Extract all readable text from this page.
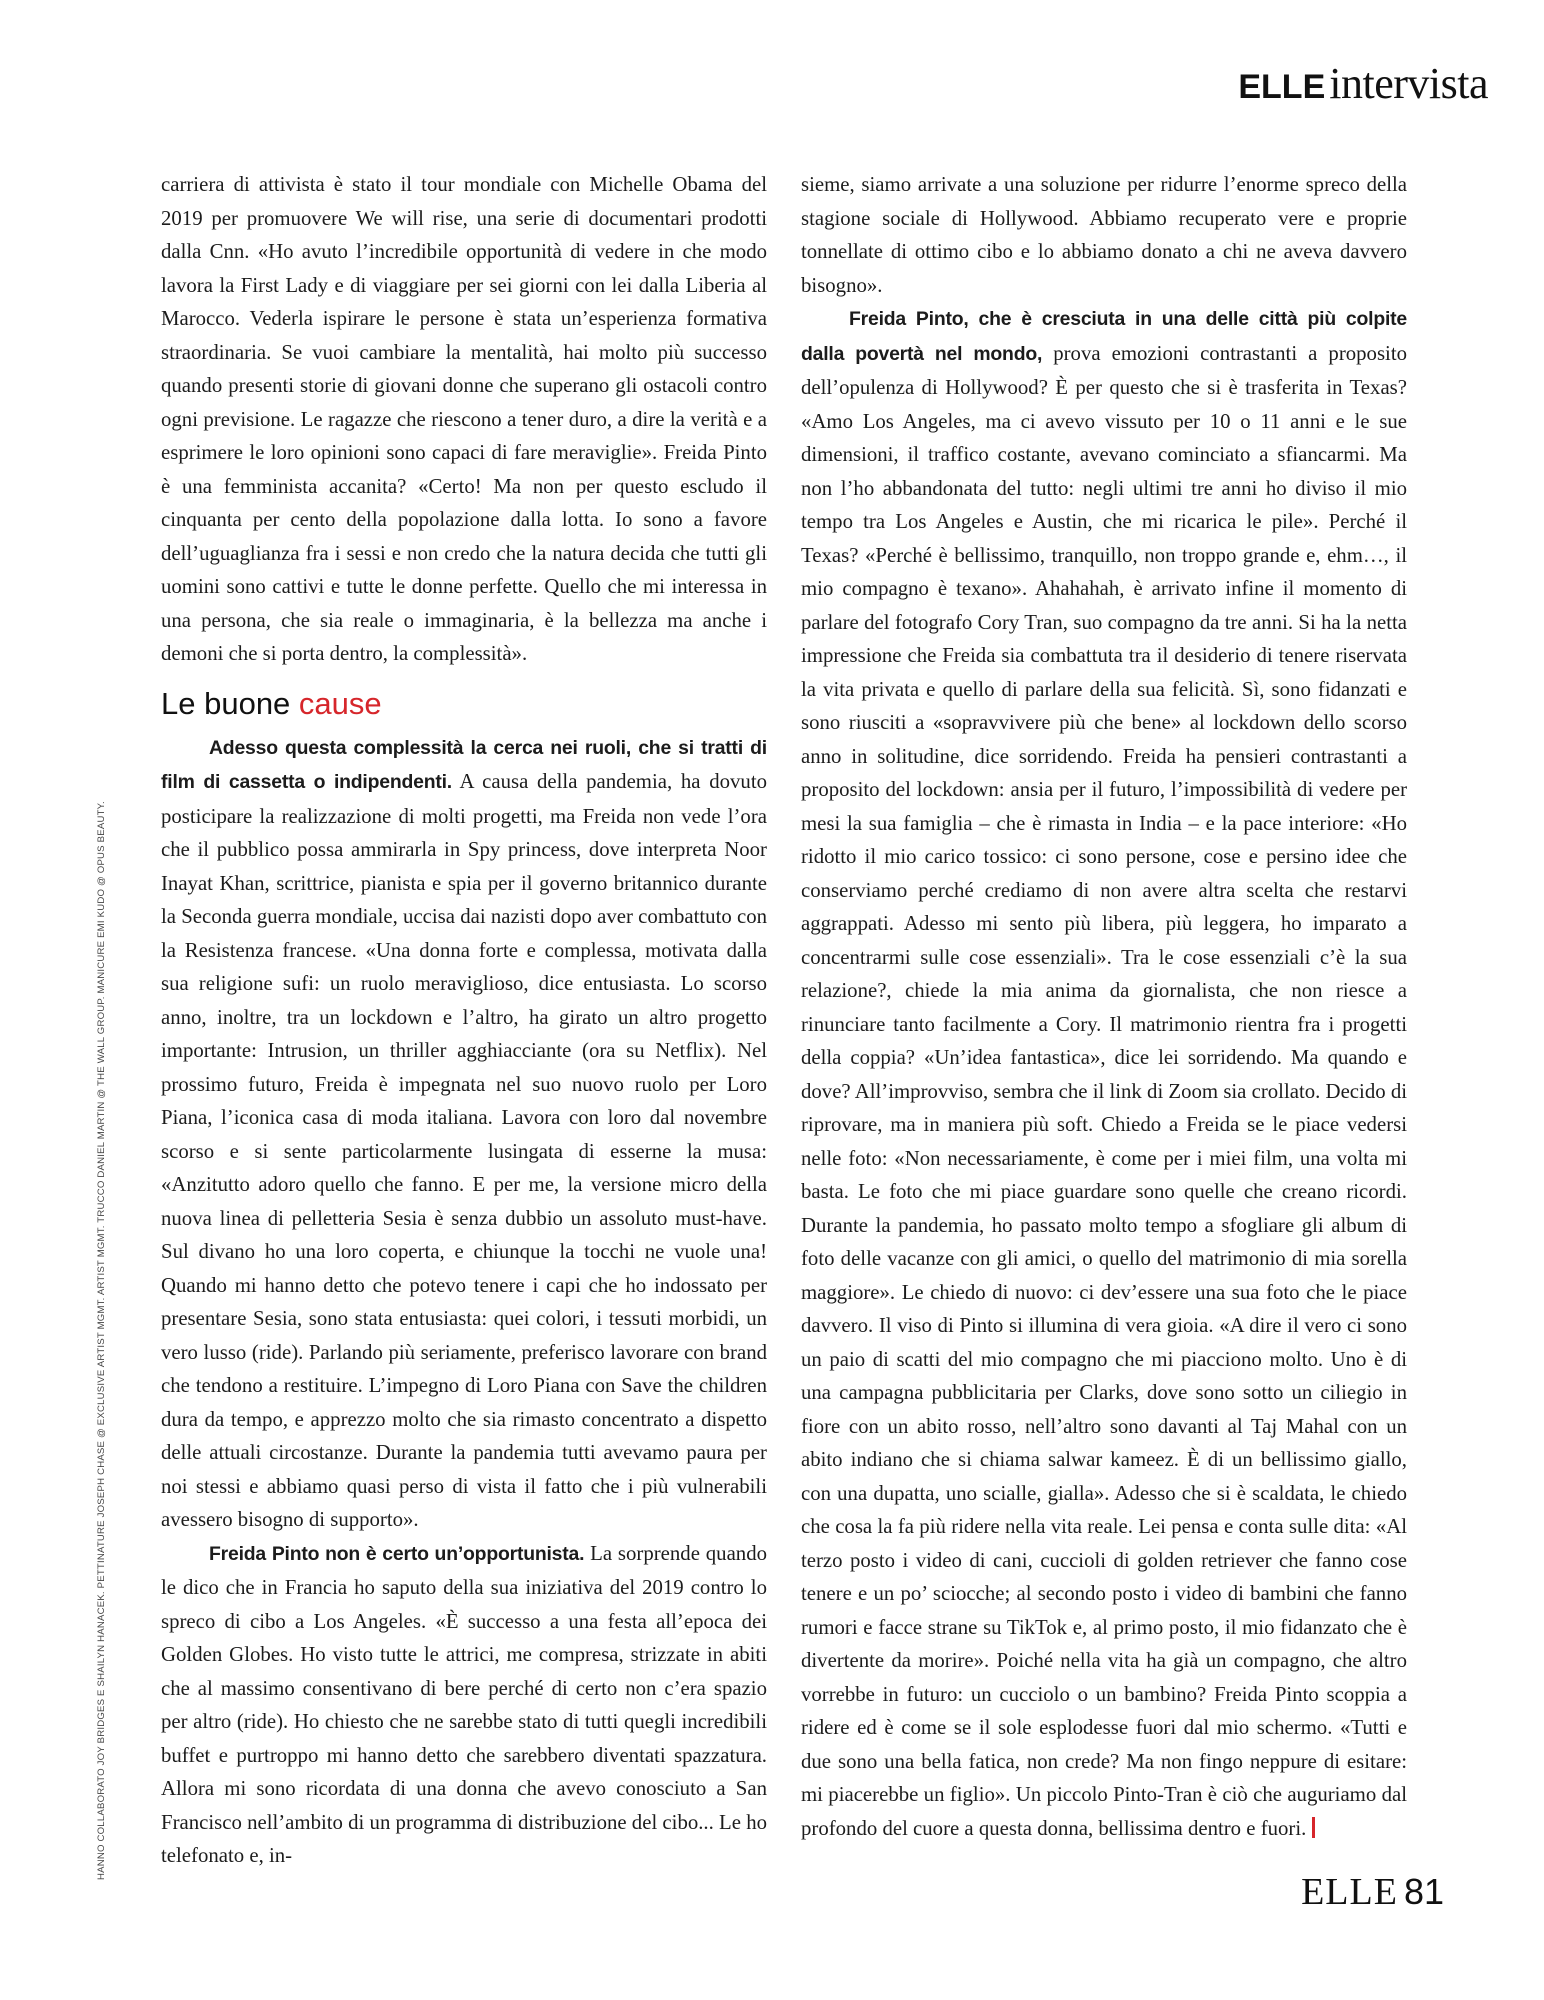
ELLE intervista

carriera di attivista è stato il tour mondiale con Michelle Obama del 2019 per promuovere We will rise, una serie di documentari prodotti dalla Cnn. «Ho avuto l’incredibile opportunità di vedere in che modo lavora la First Lady e di viaggiare per sei giorni con lei dalla Liberia al Marocco. Vederla ispirare le persone è stata un’esperienza formativa straordinaria. Se vuoi cambiare la mentalità, hai molto più successo quando presenti storie di giovani donne che superano gli ostacoli contro ogni previsione. Le ragazze che riescono a tener duro, a dire la verità e a esprimere le loro opinioni sono capaci di fare meraviglie». Freida Pinto è una femminista accanita? «Certo! Ma non per questo escludo il cinquanta per cento della popolazione dalla lotta. Io sono a favore dell’uguaglianza fra i sessi e non credo che la natura decida che tutti gli uomini sono cattivi e tutte le donne perfette. Quello che mi interessa in una persona, che sia reale o immaginaria, è la bellezza ma anche i demoni che si porta dentro, la complessità».

Le buone cause

Adesso questa complessità la cerca nei ruoli, che si tratti di film di cassetta o indipendenti. A causa della pandemia, ha dovuto posticipare la realizzazione di molti progetti, ma Freida non vede l’ora che il pubblico possa ammirarla in Spy princess, dove interpreta Noor Inayat Khan, scrittrice, pianista e spia per il governo britannico durante la Seconda guerra mondiale, uccisa dai nazisti dopo aver combattuto con la Resistenza francese. «Una donna forte e complessa, motivata dalla sua religione sufi: un ruolo meraviglioso, dice entusiasta. Lo scorso anno, inoltre, tra un lockdown e l’altro, ha girato un altro progetto importante: Intrusion, un thriller agghiacciante (ora su Netflix). Nel prossimo futuro, Freida è impegnata nel suo nuovo ruolo per Loro Piana, l’iconica casa di moda italiana. Lavora con loro dal novembre scorso e si sente particolarmente lusingata di esserne la musa: «Anzitutto adoro quello che fanno. E per me, la versione micro della nuova linea di pelletteria Sesia è senza dubbio un assoluto must-have. Sul divano ho una loro coperta, e chiunque la tocchi ne vuole una! Quando mi hanno detto che potevo tenere i capi che ho indossato per presentare Sesia, sono stata entusiasta: quei colori, i tessuti morbidi, un vero lusso (ride). Parlando più seriamente, preferisco lavorare con brand che tendono a restituire. L’impegno di Loro Piana con Save the children dura da tempo, e apprezzo molto che sia rimasto concentrato a dispetto delle attuali circostanze. Durante la pandemia tutti avevamo paura per noi stessi e abbiamo quasi perso di vista il fatto che i più vulnerabili avessero bisogno di supporto».

Freida Pinto non è certo un’opportunista. La sorprende quando le dico che in Francia ho saputo della sua iniziativa del 2019 contro lo spreco di cibo a Los Angeles. «È successo a una festa all’epoca dei Golden Globes. Ho visto tutte le attrici, me compresa, strizzate in abiti che al massimo consentivano di bere perché di certo non c’era spazio per altro (ride). Ho chiesto che ne sarebbe stato di tutti quegli incredibili buffet e purtroppo mi hanno detto che sarebbero diventati spazzatura. Allora mi sono ricordata di una donna che avevo conosciuto a San Francisco nell’ambito di un programma di distribuzione del cibo... Le ho telefonato e, in-

sieme, siamo arrivate a una soluzione per ridurre l’enorme spreco della stagione sociale di Hollywood. Abbiamo recuperato vere e proprie tonnellate di ottimo cibo e lo abbiamo donato a chi ne aveva davvero bisogno».

Freida Pinto, che è cresciuta in una delle città più colpite dalla povertà nel mondo, prova emozioni contrastanti a proposito dell’opulenza di Hollywood? È per questo che si è trasferita in Texas? «Amo Los Angeles, ma ci avevo vissuto per 10 o 11 anni e le sue dimensioni, il traffico costante, avevano cominciato a sfiancarmi. Ma non l’ho abbandonata del tutto: negli ultimi tre anni ho diviso il mio tempo tra Los Angeles e Austin, che mi ricarica le pile». Perché il Texas? «Perché è bellissimo, tranquillo, non troppo grande e, ehm…, il mio compagno è texano». Ahahahah, è arrivato infine il momento di parlare del fotografo Cory Tran, suo compagno da tre anni. Si ha la netta impressione che Freida sia combattuta tra il desiderio di tenere riservata la vita privata e quello di parlare della sua felicità. Sì, sono fidanzati e sono riusciti a «sopravvivere più che bene» al lockdown dello scorso anno in solitudine, dice sorridendo. Freida ha pensieri contrastanti a proposito del lockdown: ansia per il futuro, l’impossibilità di vedere per mesi la sua famiglia – che è rimasta in India – e la pace interiore: «Ho ridotto il mio carico tossico: ci sono persone, cose e persino idee che conserviamo perché crediamo di non avere altra scelta che restarvi aggrappati. Adesso mi sento più libera, più leggera, ho imparato a concentrarmi sulle cose essenziali». Tra le cose essenziali c’è la sua relazione?, chiede la mia anima da giornalista, che non riesce a rinunciare tanto facilmente a Cory. Il matrimonio rientra fra i progetti della coppia? «Un’idea fantastica», dice lei sorridendo. Ma quando e dove? All’improvviso, sembra che il link di Zoom sia crollato. Decido di riprovare, ma in maniera più soft. Chiedo a Freida se le piace vedersi nelle foto: «Non necessariamente, è come per i miei film, una volta mi basta. Le foto che mi piace guardare sono quelle che creano ricordi. Durante la pandemia, ho passato molto tempo a sfogliare gli album di foto delle vacanze con gli amici, o quello del matrimonio di mia sorella maggiore». Le chiedo di nuovo: ci dev’essere una sua foto che le piace davvero. Il viso di Pinto si illumina di vera gioia. «A dire il vero ci sono un paio di scatti del mio compagno che mi piacciono molto. Uno è di una campagna pubblicitaria per Clarks, dove sono sotto un ciliegio in fiore con un abito rosso, nell’altro sono davanti al Taj Mahal con un abito indiano che si chiama salwar kameez. È di un bellissimo giallo, con una dupatta, uno scialle, gialla». Adesso che si è scaldata, le chiedo che cosa la fa più ridere nella vita reale. Lei pensa e conta sulle dita: «Al terzo posto i video di cani, cuccioli di golden retriever che fanno cose tenere e un po’ sciocche; al secondo posto i video di bambini che fanno rumori e facce strane su TikTok e, al primo posto, il mio fidanzato che è divertente da morire». Poiché nella vita ha già un compagno, che altro vorrebbe in futuro: un cucciolo o un bambino? Freida Pinto scoppia a ridere ed è come se il sole esplodesse fuori dal mio schermo. «Tutti e due sono una bella fatica, non crede? Ma non fingo neppure di esitare: mi piacerebbe un figlio». Un piccolo Pinto-Tran è ciò che auguriamo dal profondo del cuore a questa donna, bellissima dentro e fuori.

HANNO COLLABORATO JOY BRIDGES E SHAILYN HANACEK. PETTINATURE JOSEPH CHASE @ EXCLUSIVE ARTIST MGMT. ARTIST MGMT. TRUCCO DANIEL MARTIN @ THE WALL GROUP. MANICURE EMI KUDO @ OPUS BEAUTY.
ELLE 81
